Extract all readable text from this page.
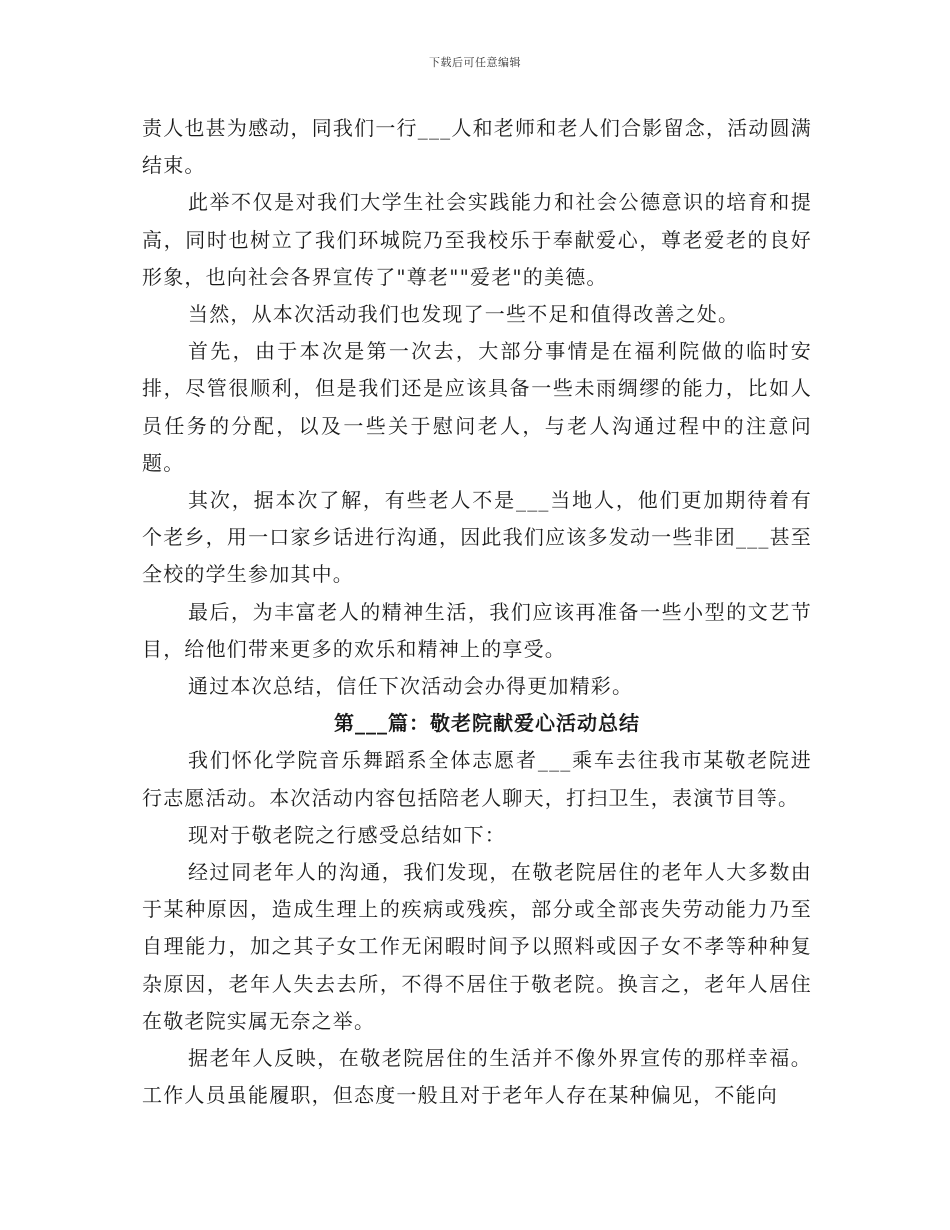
下载后可任意编辑

责人也甚为感动，同我们一行___人和老师和老人们合影留念，活动圆满结束。

此举不仅是对我们大学生社会实践能力和社会公德意识的培育和提高，同时也树立了我们环城院乃至我校乐于奉献爱心，尊老爱老的良好形象，也向社会各界宣传了"尊老""爱老"的美德。

当然，从本次活动我们也发现了一些不足和值得改善之处。

首先，由于本次是第一次去，大部分事情是在福利院做的临时安排，尽管很顺利，但是我们还是应该具备一些未雨绸缪的能力，比如人员任务的分配，以及一些关于慰问老人，与老人沟通过程中的注意问题。

其次，据本次了解，有些老人不是___当地人，他们更加期待着有个老乡，用一口家乡话进行沟通，因此我们应该多发动一些非团___甚至全校的学生参加其中。

最后，为丰富老人的精神生活，我们应该再准备一些小型的文艺节目，给他们带来更多的欢乐和精神上的享受。

通过本次总结，信任下次活动会办得更加精彩。

第___篇：敬老院献爱心活动总结

我们怀化学院音乐舞蹈系全体志愿者___乘车去往我市某敬老院进行志愿活动。本次活动内容包括陪老人聊天，打扫卫生，表演节目等。

现对于敬老院之行感受总结如下：

经过同老年人的沟通，我们发现，在敬老院居住的老年人大多数由于某种原因，造成生理上的疾病或残疾，部分或全部丧失劳动能力乃至自理能力，加之其子女工作无闲暇时间予以照料或因子女不孝等种种复杂原因，老年人失去去所，不得不居住于敬老院。换言之，老年人居住在敬老院实属无奈之举。

据老年人反映，在敬老院居住的生活并不像外界宣传的那样幸福。工作人员虽能履职，但态度一般且对于老年人存在某种偏见，不能向
